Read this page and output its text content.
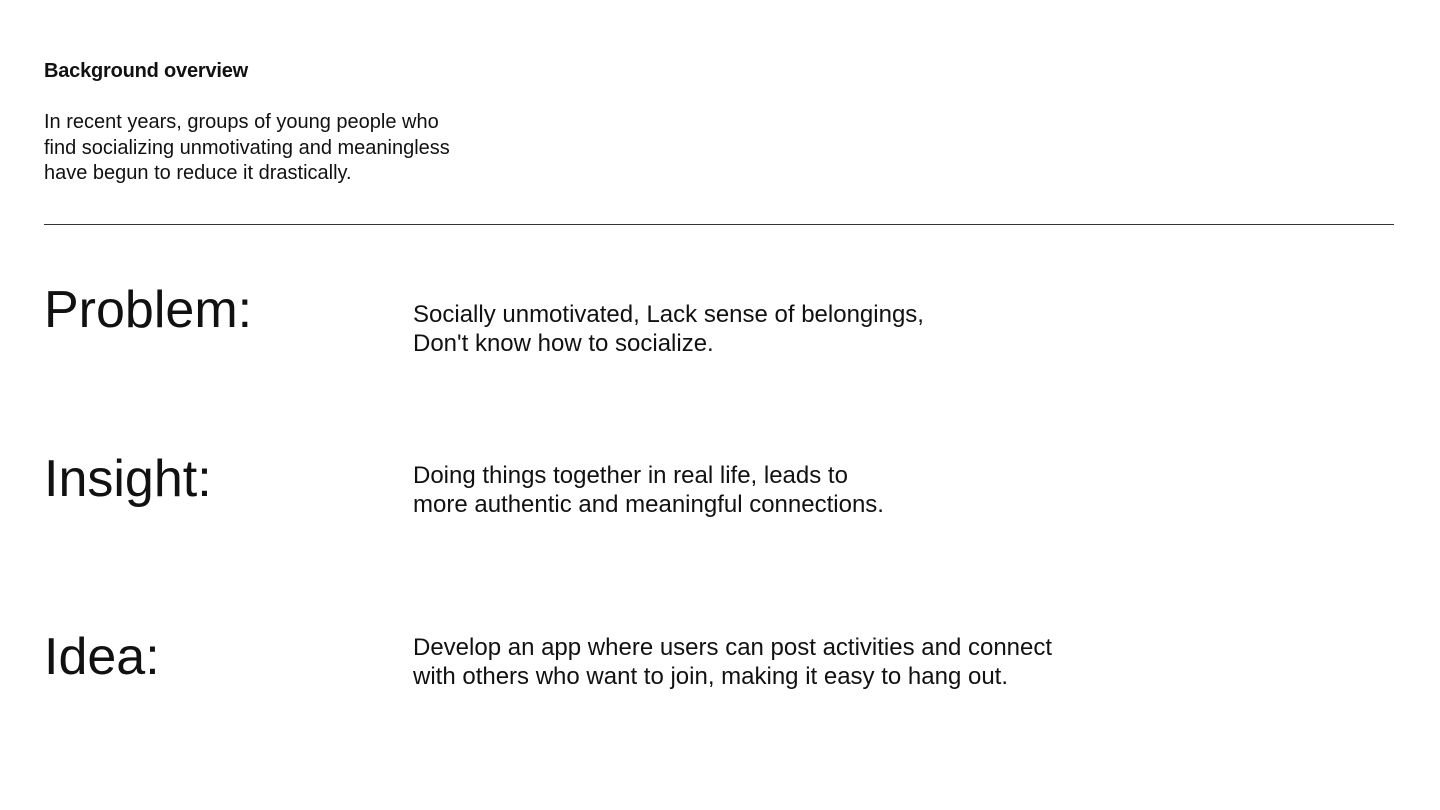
Background overview
In recent years, groups of young people who
find socializing unmotivating and meaningless
have begun to reduce it drastically.
Problem:	Socially unmotivated, Lack sense of belongings,
Don't know how to socialize.
Insight:	Doing things together in real life, leads to
more authentic and meaningful connections.
Idea:	Develop an app where users can post activities and connect
with others who want to join, making it easy to hang out.
